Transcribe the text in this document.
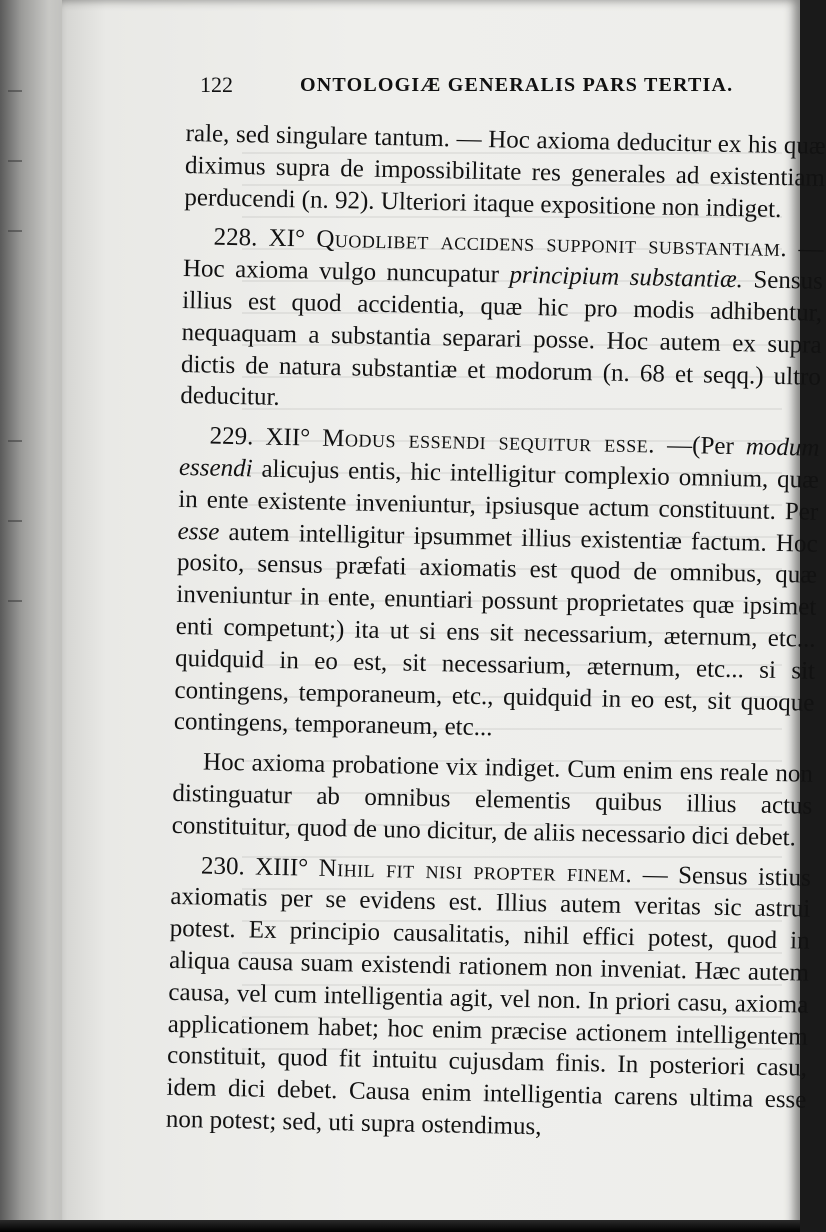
122	ONTOLOGIÆ GENERALIS PARS TERTIA.

rale, sed singulare tantum. — Hoc axioma deducitur ex his quæ diximus supra de impossibilitate res generales ad existentiam perducendi (n. 92). Ulteriori itaque expositione non indiget.

228. XI° Quodlibet accidens supponit substantiam. — Hoc axioma vulgo nuncupatur principium substantiæ. Sensus illius est quod accidentia, quæ hic pro modis adhibentur, nequaquam a substantia separari posse. Hoc autem ex supra dictis de natura substantiæ et modorum (n. 68 et seqq.) ultro deducitur.

229. XII° Modus essendi sequitur esse. —(Per modum essendi alicujus entis, hic intelligitur complexio omnium, quæ in ente existente inveniuntur, ipsiusque actum constituunt. Per esse autem intelligitur ipsummet illius existentiæ factum. Hoc posito, sensus præfati axiomatis est quod de omnibus, quæ inveniuntur in ente, enuntiari possunt proprietates quæ ipsimet enti competunt;) ita ut si ens sit necessarium, æternum, etc... quidquid in eo est, sit necessarium, æternum, etc... si sit contingens, temporaneum, etc., quidquid in eo est, sit quoque contingens, temporaneum, etc...

Hoc axioma probatione vix indiget. Cum enim ens reale non distinguatur ab omnibus elementis quibus illius actus constituitur, quod de uno dicitur, de aliis necessario dici debet.

230. XIII° Nihil fit nisi propter finem. — Sensus istius axiomatis per se evidens est. Illius autem veritas sic astrui potest. Ex principio causalitatis, nihil effici potest, quod in aliqua causa suam existendi rationem non inveniat. Hæc autem causa, vel cum intelligentia agit, vel non. In priori casu, axioma applicationem habet; hoc enim præcise actionem intelligentem constituit, quod fit intuitu cujusdam finis. In posteriori casu, idem dici debet. Causa enim intelligentia carens ultima esse non potest; sed, uti supra ostendimus,
